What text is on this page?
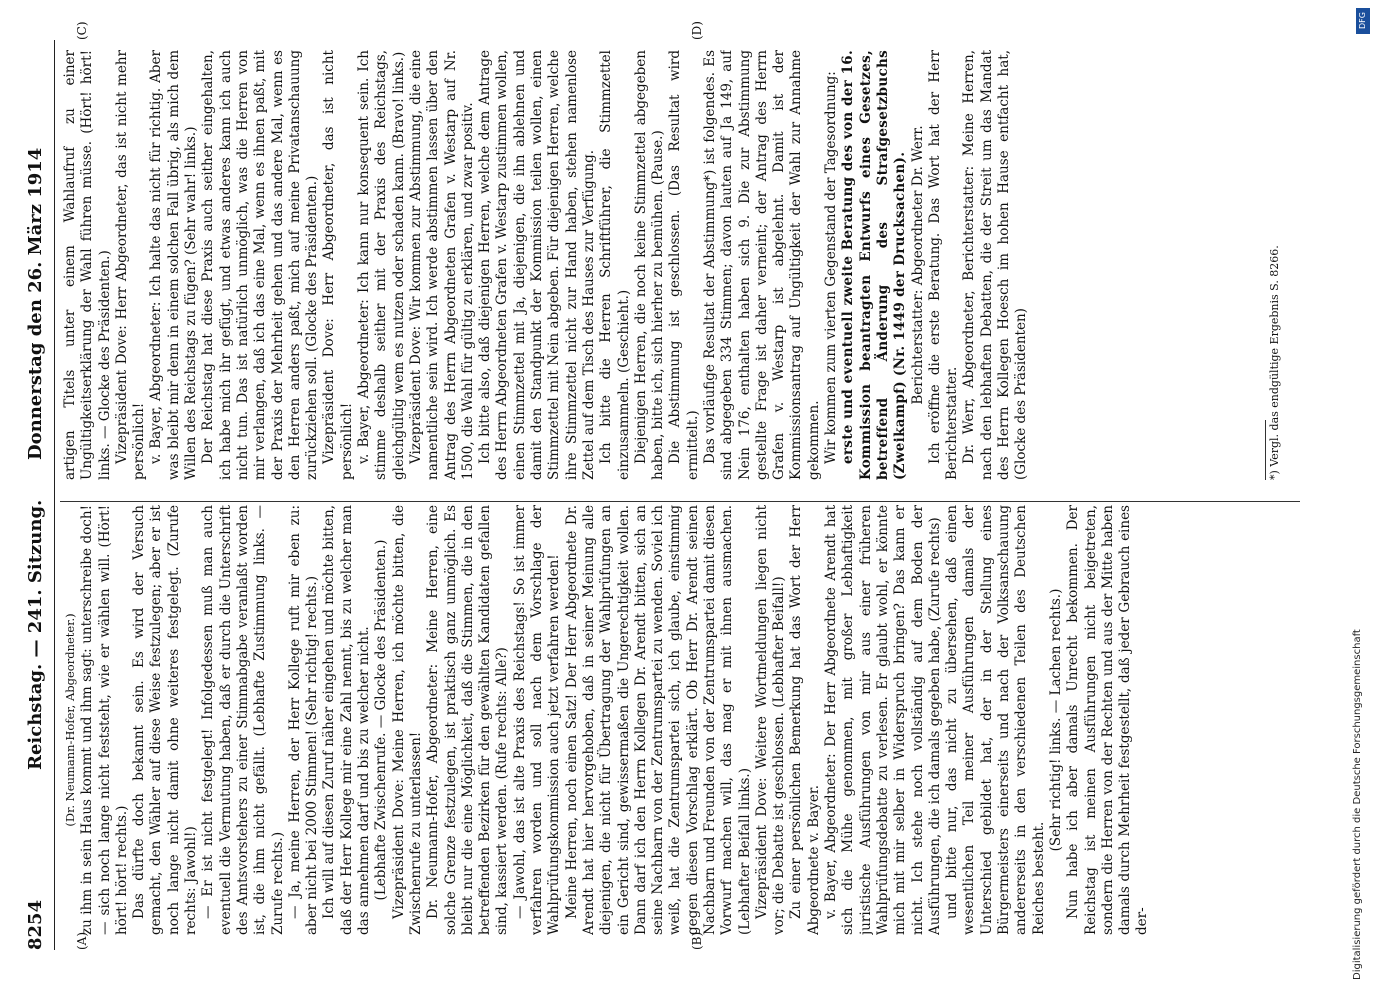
8254
Reichstag. — 241. Sitzung.
Donnerstag den 26. März 1914
(A)	(B)
(C)	(D)

(Dr. Neumann-Hofer, Abgeordneter.) zu ihm in sein Haus kommt und ihm sagt: unterschreibe doch! — sich noch lange nicht feststeht, wie er wählen will. (Hört! hört! hört! rechts.) Das dürfte doch bekannt sein. Es wird der Versuch gemacht, den Wähler auf diese Weise festzulegen; aber er ist noch lange nicht damit ohne weiteres festgelegt. (Zurufe rechts: Jawohl!) — Er ist nicht festgelegt! Infolgedessen muß man auch eventuell die Vermutung haben, daß er durch die Unterschrift des Amtsvorstehers zu einer Stimmabgabe veranlaßt worden ist, die ihm nicht gefällt. (Lebhafte Zustimmung links. — Zurufe rechts.) — Ja, meine Herren, der Herr Kollege ruft mir eben zu: aber nicht bei 2000 Stimmen! (Sehr richtig! rechts.) Ich will auf diesen Zuruf näher eingehen und möchte bitten, daß der Herr Kollege mir eine Zahl nennt, bis zu welcher man das annehmen darf und bis zu welcher nicht. (Lebhafte Zwischenrufe. — Glocke des Präsidenten.) Vizepräsident Dove: Meine Herren, ich möchte bitten, die Zwischenrufe zu unterlassen! Dr. Neumann-Hofer, Abgeordneter: Meine Herren, eine solche Grenze festzulegen, ist praktisch ganz unmöglich. Es bleibt nur die eine Möglichkeit, daß die Stimmen, die in den betreffenden Bezirken für den gewählten Kandidaten gefallen sind, kassiert werden. (Rufe rechts: Alle?) — Jawohl, das ist alte Praxis des Reichstags! So ist immer verfahren worden und soll nach dem Vorschlage der Wahlprüfungskommission auch jetzt verfahren werden! Meine Herren, noch einen Satz! Der Herr Abgeordnete Dr. Arendt hat hier hervorgehoben, daß in seiner Meinung alle diejenigen, die nicht für Übertragung der Wahlprüfungen an ein Gericht sind, gewissermaßen die Ungerechtigkeit wollen. Dann darf ich den Herrn Kollegen Dr. Arendt bitten, sich an seine Nachbarn von der Zentrumspartei zu wenden. Soviel ich weiß, hat die Zentrumspartei sich, ich glaube, einstimmig gegen diesen Vorschlag erklärt. Ob Herr Dr. Arendt seinen Nachbarn und Freunden von der Zentrumspartei damit diesen Vorwurf machen will, das mag er mit ihnen ausmachen. (Lebhafter Beifall links.) Vizepräsident Dove: Weitere Wortmeldungen liegen nicht vor; die Debatte ist geschlossen. (Lebhafter Beifall!) Zu einer persönlichen Bemerkung hat das Wort der Herr Abgeordnete v. Bayer. v. Bayer, Abgeordneter: Der Herr Abgeordnete Arendt hat sich die Mühe genommen, mit großer Lebhaftigkeit juristische Ausführungen von mir aus einer früheren Wahlprüfungsdebatte zu verlesen. Er glaubt wohl, er könnte mich mit mir selber in Widerspruch bringen? Das kann er nicht. Ich stehe noch vollständig auf dem Boden der Ausführungen, die ich damals gegeben habe, (Zurufe rechts) und bitte nur, das nicht zu übersehen, daß einen wesentlichen Teil meiner Ausführungen damals der Unterschied gebildet hat, der in der Stellung eines Bürgermeisters einerseits und nach der Volksanschauung andererseits in den verschiedenen Teilen des Deutschen Reiches besteht.

(Sehr richtig! links. — Lachen rechts.) Nun habe ich aber damals Unrecht bekommen. Der Reichstag ist meinen Ausführungen nicht beigetreten, sondern die Herren von der Rechten und aus der Mitte haben damals durch Mehrheit festgestellt, daß jeder Gebrauch eines der-

artigen Titels unter einem Wahlaufruf zu einer Ungültigkeitserklärung der Wahl führen müsse. (Hört! hört! links. — Glocke des Präsidenten.) Vizepräsident Dove: Herr Abgeordneter, das ist nicht mehr persönlich! v. Bayer, Abgeordneter: Ich halte das nicht für richtig. Aber was bleibt mir denn in einem solchen Fall übrig, als mich dem Willen des Reichstags zu fügen? (Sehr wahr! links.) Der Reichstag hat diese Praxis auch seither eingehalten, ich habe mich ihr gefügt, und etwas anderes kann ich auch nicht tun. Das ist natürlich unmöglich, was die Herren von mir verlangen, daß ich das eine Mal, wenn es ihnen paßt, mit der Praxis der Mehrheit gehen und das andere Mal, wenn es den Herren anders paßt, mich auf meine Privatanschauung zurückziehen soll. (Glocke des Präsidenten.) Vizepräsident Dove: Herr Abgeordneter, das ist nicht persönlich! v. Bayer, Abgeordneter: Ich kann nur konsequent sein. Ich stimme deshalb seither mit der Praxis des Reichstags, gleichgültig wem es nutzen oder schaden kann. (Bravo! links.) Vizepräsident Dove: Wir kommen zur Abstimmung, die eine namentliche sein wird. Ich werde abstimmen lassen über den Antrag des Herrn Abgeordneten Grafen v. Westarp auf Nr. 1500, die Wahl für gültig zu erklären, und zwar positiv. Ich bitte also, daß diejenigen Herren, welche dem Antrage des Herrn Abgeordneten Grafen v. Westarp zustimmen wollen, einen Stimmzettel mit Ja, diejenigen, die ihn ablehnen und damit den Standpunkt der Kommission teilen wollen, einen Stimmzettel mit Nein abgeben. Für diejenigen Herren, welche ihre Stimmzettel nicht zur Hand haben, stehen namenlose Zettel auf dem Tisch des Hauses zur Verfügung. Ich bitte die Herren Schriftführer, die Stimmzettel einzusammeln. (Geschieht.) Diejenigen Herren, die noch keine Stimmzettel abgegeben haben, bitte ich, sich hierher zu bemühen. (Pause.) Die Abstimmung ist geschlossen. (Das Resultat wird ermittelt.) Das vorläufige Resultat der Abstimmung*) ist folgendes. Es sind abgegeben 334 Stimmen; davon lauten auf Ja 149, auf Nein 176, enthalten haben sich 9. Die zur Abstimmung gestellte Frage ist daher verneint; der Antrag des Herrn Grafen v. Westarp ist abgelehnt. Damit ist der Kommissionsantrag auf Ungültigkeit der Wahl zur Annahme gekommen. Wir kommen zum vierten Gegenstand der Tagesordnung: erste und eventuell zweite Beratung des von der 16. Kommission beantragten Entwurfs eines Gesetzes, betreffend Änderung des Strafgesetzbuchs (Zweikampf) (Nr. 1449 der Drucksachen). Berichterstatter: Abgeordneter Dr. Werr. Ich eröffne die erste Beratung. Das Wort hat der Herr Berichterstatter. Dr. Werr, Abgeordneter, Berichterstatter: Meine Herren, nach den lebhaften Debatten, die der Streit um das Mandat des Herrn Kollegen Hoesch im hohen Hause entfacht hat, (Glocke des Präsidenten)	*) Vergl. das endgültige Ergebnis S. 8266.
DFG
Digitalisierung gefördert durch die Deutsche Forschungsgemeinschaft
